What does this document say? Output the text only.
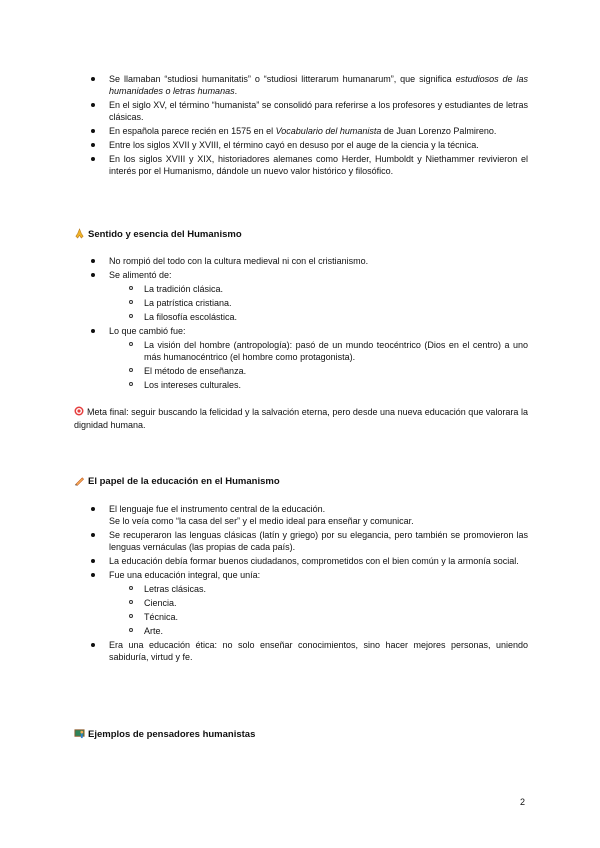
Se llamaban “studiosi humanitatis” o “studiosi litterarum humanarum”, que significa estudiosos de las humanidades o letras humanas.
En el siglo XV, el término “humanista” se consolidó para referirse a los profesores y estudiantes de letras clásicas.
En española parece recién en 1575 en el Vocabulario del humanista de Juan Lorenzo Palmireno.
Entre los siglos XVII y XVIII, el término cayó en desuso por el auge de la ciencia y la técnica.
En los siglos XVIII y XIX, historiadores alemanes como Herder, Humboldt y Niethammer revivieron el interés por el Humanismo, dándole un nuevo valor histórico y filosófico.
Sentido y esencia del Humanismo
No rompió del todo con la cultura medieval ni con el cristianismo.
Se alimentó de:
La tradición clásica.
La patrística cristiana.
La filosofía escolástica.
Lo que cambió fue:
La visión del hombre (antropología): pasó de un mundo teocéntrico (Dios en el centro) a uno más humanocéntrico (el hombre como protagonista).
El método de enseñanza.
Los intereses culturales.
Meta final: seguir buscando la felicidad y la salvación eterna, pero desde una nueva educación que valorara la dignidad humana.
El papel de la educación en el Humanismo
El lenguaje fue el instrumento central de la educación.
Se lo veía como “la casa del ser” y el medio ideal para enseñar y comunicar.
Se recuperaron las lenguas clásicas (latín y griego) por su elegancia, pero también se promovieron las lenguas vernáculas (las propias de cada país).
La educación debía formar buenos ciudadanos, comprometidos con el bien común y la armonía social.
Fue una educación integral, que unía:
Letras clásicas.
Ciencia.
Técnica.
Arte.
Era una educación ética: no solo enseñar conocimientos, sino hacer mejores personas, uniendo sabiduría, virtud y fe.
Ejemplos de pensadores humanistas
2
